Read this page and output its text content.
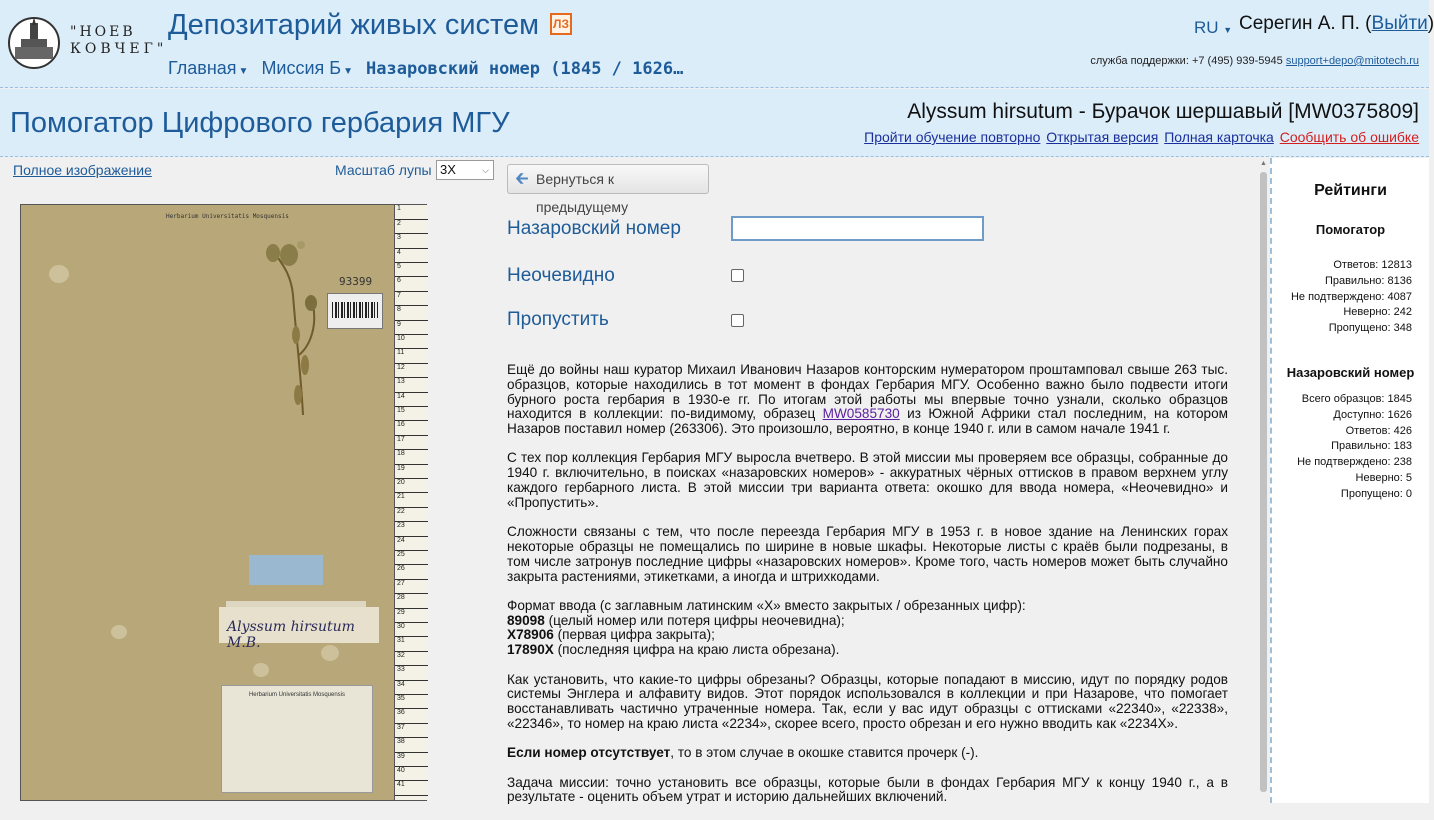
"НОЕВ
КОВЧЕГ"
Депозитарий живых систем ЛЗ
Главная ▼ Миссия Б ▼ Назаровский номер (1845 / 1626…
RU ▼ Серегин А. П. (Выйти)
служба поддержки: +7 (495) 939-5945 support+depo@mitotech.ru
Помогатор Цифрового гербария МГУ	Alyssum hirsutum - Бурачок шершавый [MW0375809]
Пройти обучение повторно Открытая версия Полная карточка Сообщить об ошибке
Полное изображение	Масштаб лупы 3X	⌵
Herbarium Universitatis Mosquensis
93399
Alyssum hirsutum M.B.
Herbarium Universitatis Mosquensis
1
2
3
4
5
6
7
8
9
10
11
12
13
14
15
16
17
18
19
20
21
22
23
24
25
26
27
28
29
30
31
32
33
34
35
36
37
38
39
40
41
🡰 Вернуться к предыдущему
Назаровский номер
Неочевидно
Пропустить

Ещё до войны наш куратор Михаил Иванович Назаров конторским нумератором проштамповал свыше 263 тыс. образцов, которые находились в тот момент в фондах Гербария МГУ. Особенно важно было подвести итоги бурного роста гербария в 1930-е гг. По итогам этой работы мы впервые точно узнали, сколько образцов находится в коллекции: по-видимому, образец MW0585730 из Южной Африки стал последним, на котором Назаров поставил номер (263306). Это произошло, вероятно, в конце 1940 г. или в самом начале 1941 г.

С тех пор коллекция Гербария МГУ выросла вчетверо. В этой миссии мы проверяем все образцы, собранные до 1940 г. включительно, в поисках «назаровских номеров» - аккуратных чёрных оттисков в правом верхнем углу каждого гербарного листа. В этой миссии три варианта ответа: окошко для ввода номера, «Неочевидно» и «Пропустить».

Сложности связаны с тем, что после переезда Гербария МГУ в 1953 г. в новое здание на Ленинских горах некоторые образцы не помещались по ширине в новые шкафы. Некоторые листы с краёв были подрезаны, в том числе затронув последние цифры «назаровских номеров». Кроме того, часть номеров может быть случайно закрыта растениями, этикетками, а иногда и штрихкодами.

Формат ввода (с заглавным латинским «X» вместо закрытых / обрезанных цифр):
89098 (целый номер или потеря цифры неочевидна);
X78906 (первая цифра закрыта);
17890X (последняя цифра на краю листа обрезана).

Как установить, что какие-то цифры обрезаны? Образцы, которые попадают в миссию, идут по порядку родов системы Энглера и алфавиту видов. Этот порядок использовался в коллекции и при Назарове, что помогает восстанавливать частично утраченные номера. Так, если у вас идут образцы с оттисками «22340», «22338», «22346», то номер на краю листа «2234», скорее всего, просто обрезан и его нужно вводить как «2234X».

Если номер отсутствует, то в этом случае в окошке ставится прочерк (-).

Задача миссии: точно установить все образцы, которые были в фондах Гербария МГУ к концу 1940 г., а в результате - оценить объем утрат и историю дальнейших включений.

▲
Рейтинги
Помогатор
Ответов: 12813
Правильно: 8136
Не подтверждено: 4087
Неверно: 242
Пропущено: 348
Назаровский номер
Всего образцов: 1845
Доступно: 1626
Ответов: 426
Правильно: 183
Не подтверждено: 238
Неверно: 5
Пропущено: 0
